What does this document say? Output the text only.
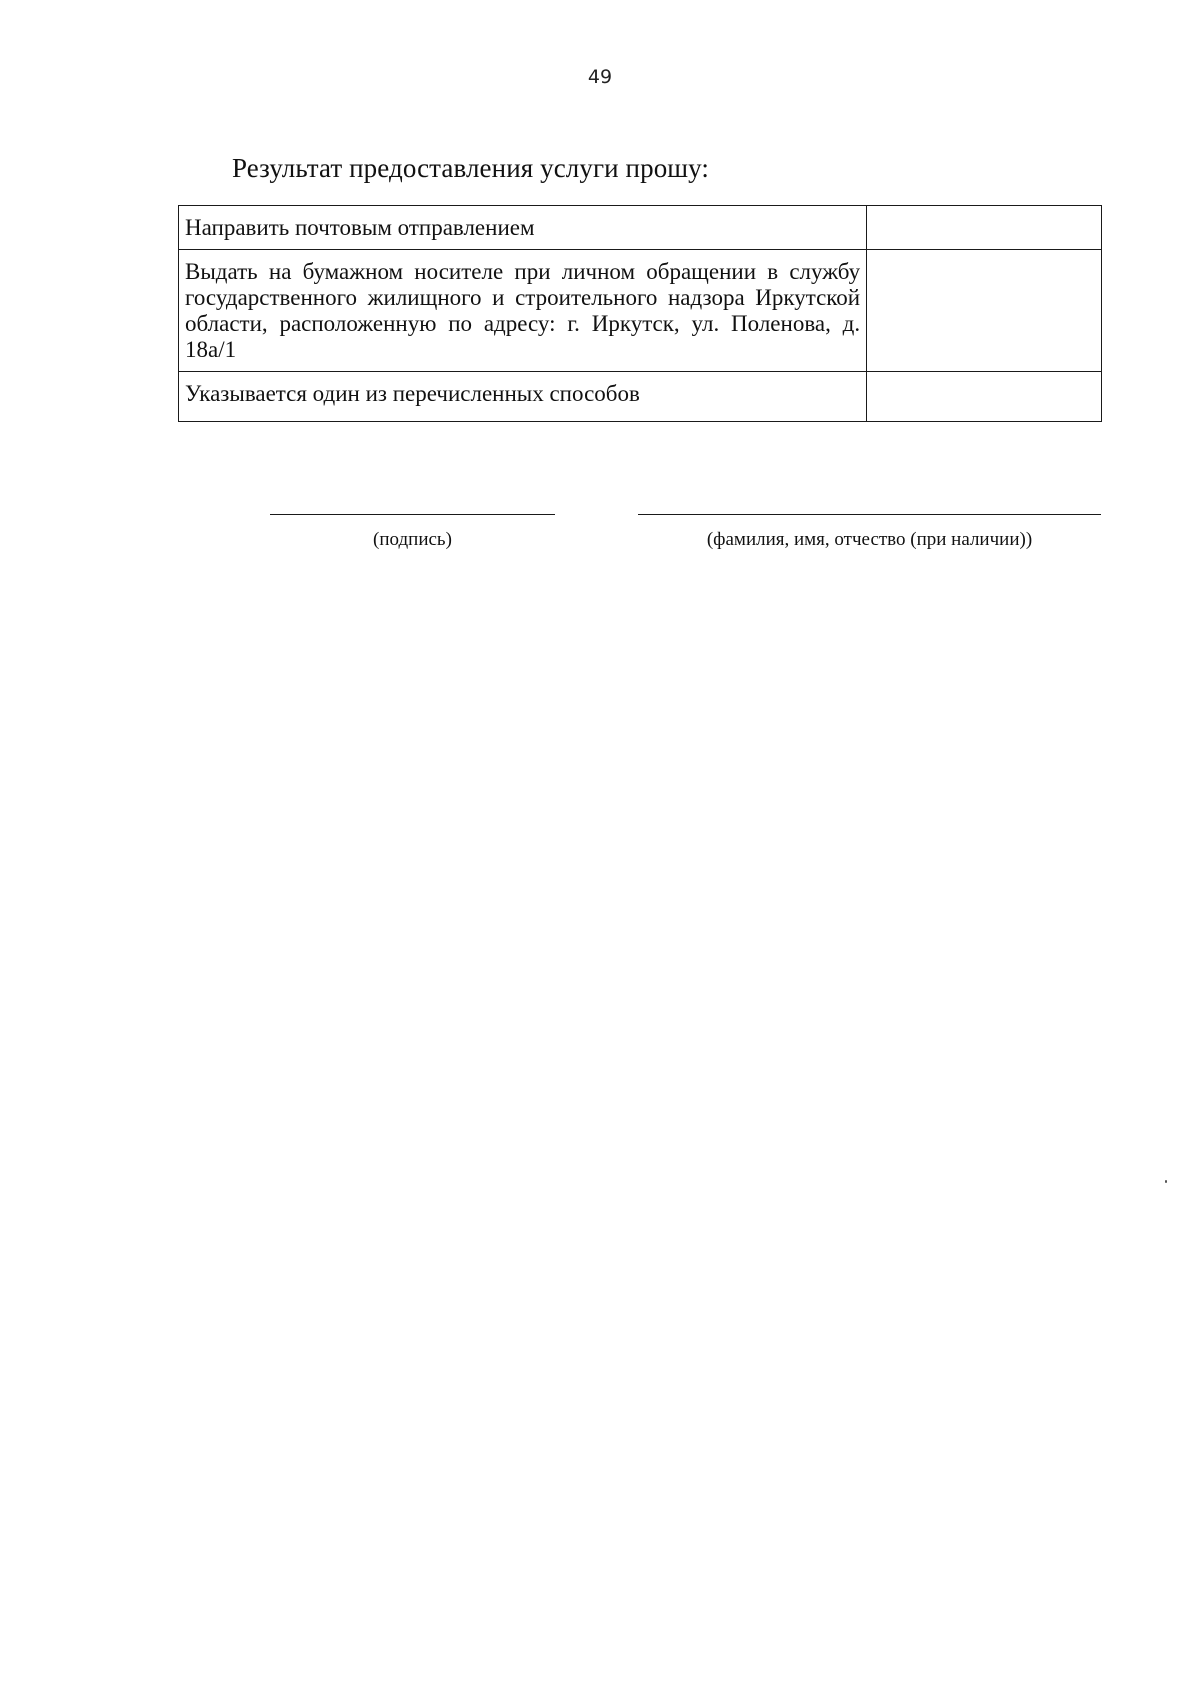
49
Результат предоставления услуги прошу:
Направить почтовым отправлением	
Выдать на бумажном носителе при личном обращении в службу государственного жилищного и строительного надзора Иркутской области, расположенную по адресу: г. Иркутск, ул. Поленова, д. 18а/1	
Указывается один из перечисленных способов	
(подпись)	(фамилия, имя, отчество (при наличии))
